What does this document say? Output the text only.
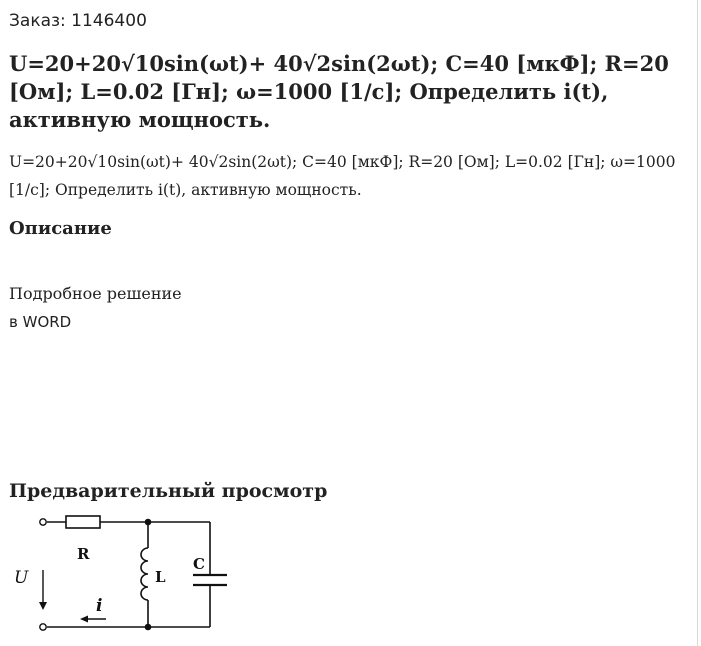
Заказ: 1146400
U=20+20√10sin(ωt)+ 40√2sin(2ωt); С=40 [мкФ]; R=20 [Ом]; L=0.02 [Гн]; ω=1000 [1/с]; Определить i(t), активную мощность.
U=20+20√10sin(ωt)+ 40√2sin(2ωt); С=40 [мкФ]; R=20 [Ом]; L=0.02 [Гн]; ω=1000 [1/с]; Определить i(t), активную мощность.
Описание
Подробное решение
в WORD
Предварительный просмотр
R
L
C
U
i
